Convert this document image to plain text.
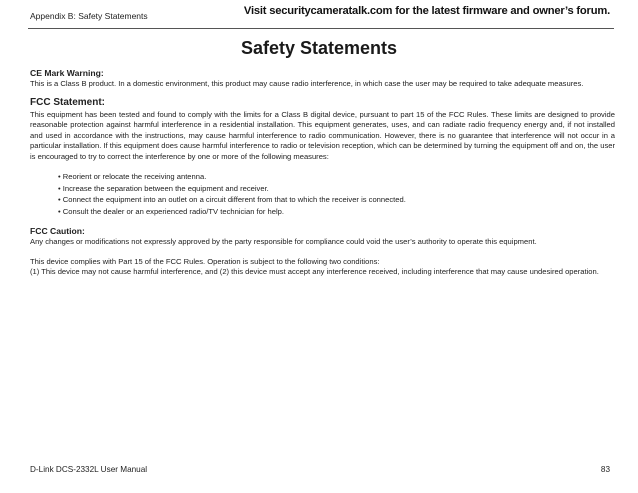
Appendix B: Safety Statements	Visit securitycameratalk.com for the latest firmware and owner’s forum.
Safety Statements
CE Mark Warning:

This is a Class B product. In a domestic environment, this product may cause radio interference, in which case the user may be required to take adequate measures.

FCC Statement:

This equipment has been tested and found to comply with the limits for a Class B digital device, pursuant to part 15 of the FCC Rules. These limits are designed to provide reasonable protection against harmful interference in a residential installation. This equipment generates, uses, and can radiate radio frequency energy and, if not installed and used in accordance with the instructions, may cause harmful interference to radio communication. However, there is no guarantee that interference will not occur in a particular installation. If this equipment does cause harmful interference to radio or television reception, which can be determined by turning the equipment off and on, the user is encouraged to try to correct the interference by one or more of the following measures:

• Reorient or relocate the receiving antenna.
• Increase the separation between the equipment and receiver.
• Connect the equipment into an outlet on a circuit different from that to which the receiver is connected.
• Consult the dealer or an experienced radio/TV technician for help.
FCC Caution:

Any changes or modifications not expressly approved by the party responsible for compliance could void the user’s authority to operate this equipment.

This device complies with Part 15 of the FCC Rules. Operation is subject to the following two conditions:

(1) This device may not cause harmful interference, and (2) this device must accept any interference received, including interference that may cause undesired operation.

D-Link DCS-2332L User Manual	83
